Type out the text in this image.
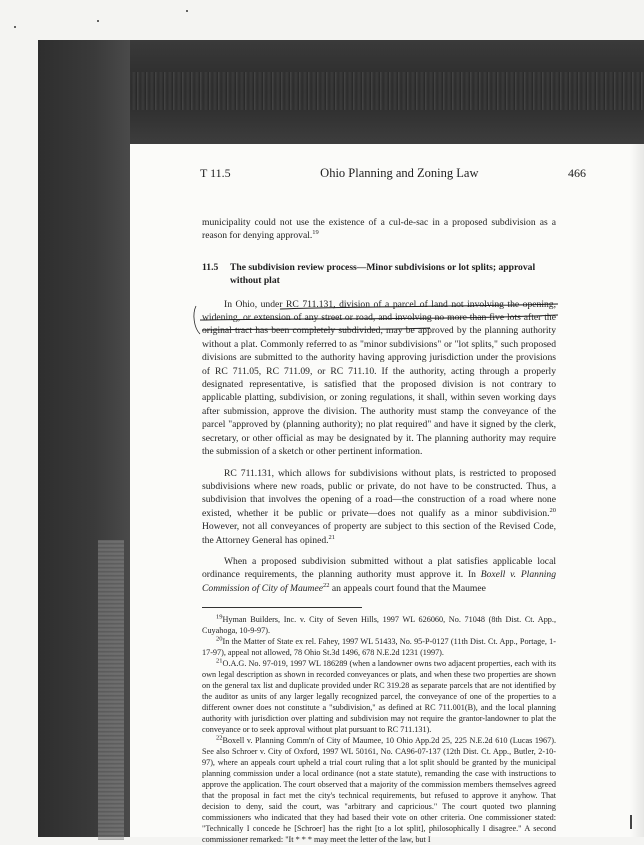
T 11.5	Ohio Planning and Zoning Law	466

municipality could not use the existence of a cul-de-sac in a proposed subdivision as a reason for denying approval.$^{19}$

11.5	The subdivision review process—Minor subdivisions or lot splits; approval without plat

In Ohio, under RC 711.131, division of a parcel of land not involving the opening, widening, or extension of any street or road, and involving no more than five lots after the original tract has been completely subdivided, may be approved by the planning authority without a plat. Commonly referred to as "minor subdivisions" or "lot splits," such proposed divisions are submitted to the authority having approving jurisdiction under the provisions of RC 711.05, RC 711.09, or RC 711.10. If the authority, acting through a properly designated representative, is satisfied that the proposed division is not contrary to applicable platting, subdivision, or zoning regulations, it shall, within seven working days after submission, approve the division. The authority must stamp the conveyance of the parcel "approved by (planning authority); no plat required" and have it signed by the clerk, secretary, or other official as may be designated by it. The planning authority may require the submission of a sketch or other pertinent information.

RC 711.131, which allows for subdivisions without plats, is restricted to proposed subdivisions where new roads, public or private, do not have to be constructed. Thus, a subdivision that involves the opening of a road—the construction of a road where none existed, whether it be public or private—does not qualify as a minor subdivision.$^{20}$ However, not all conveyances of property are subject to this section of the Revised Code, the Attorney General has opined.$^{21}$

When a proposed subdivision submitted without a plat satisfies applicable local ordinance requirements, the planning authority must approve it. In Boxell v. Planning Commission of City of Maumee$^{22}$ an appeals court found that the Maumee

$^{19}$Hyman Builders, Inc. v. City of Seven Hills, 1997 WL 626060, No. 71048 (8th Dist. Ct. App., Cuyahoga, 10-9-97).

$^{20}$In the Matter of State ex rel. Fahey, 1997 WL 51433, No. 95-P-0127 (11th Dist. Ct. App., Portage, 1-17-97), appeal not allowed, 78 Ohio St.3d 1496, 678 N.E.2d 1231 (1997).

$^{21}$O.A.G. No. 97-019, 1997 WL 186289 (when a landowner owns two adjacent properties, each with its own legal description as shown in recorded conveyances or plats, and when these two properties are shown on the general tax list and duplicate provided under RC 319.28 as separate parcels that are not identified by the auditor as units of any larger legally recognized parcel, the conveyance of one of the properties to a different owner does not constitute a "subdivision," as defined at RC 711.001(B), and the local planning authority with jurisdiction over platting and subdivision may not require the grantor-landowner to plat the conveyance or to seek approval without plat pursuant to RC 711.131).

$^{22}$Boxell v. Planning Comm'n of City of Maumee, 10 Ohio App.2d 25, 225 N.E.2d 610 (Lucas 1967). See also Schroer v. City of Oxford, 1997 WL 50161, No. CA96-07-137 (12th Dist. Ct. App., Butler, 2-10-97), where an appeals court upheld a trial court ruling that a lot split should be granted by the municipal planning commission under a local ordinance (not a state statute), remanding the case with instructions to approve the application. The court observed that a majority of the commission members themselves agreed that the proposal in fact met the city's technical requirements, but refused to approve it anyhow. That decision to deny, said the court, was "arbitrary and capricious." The court quoted two planning commissioners who indicated that they had based their vote on other criteria. One commissioner stated: "Technically I concede he [Schroer] has the right [to a lot split], philosophically I disagree." A second commissioner remarked: "It * * * may meet the letter of the law, but I
